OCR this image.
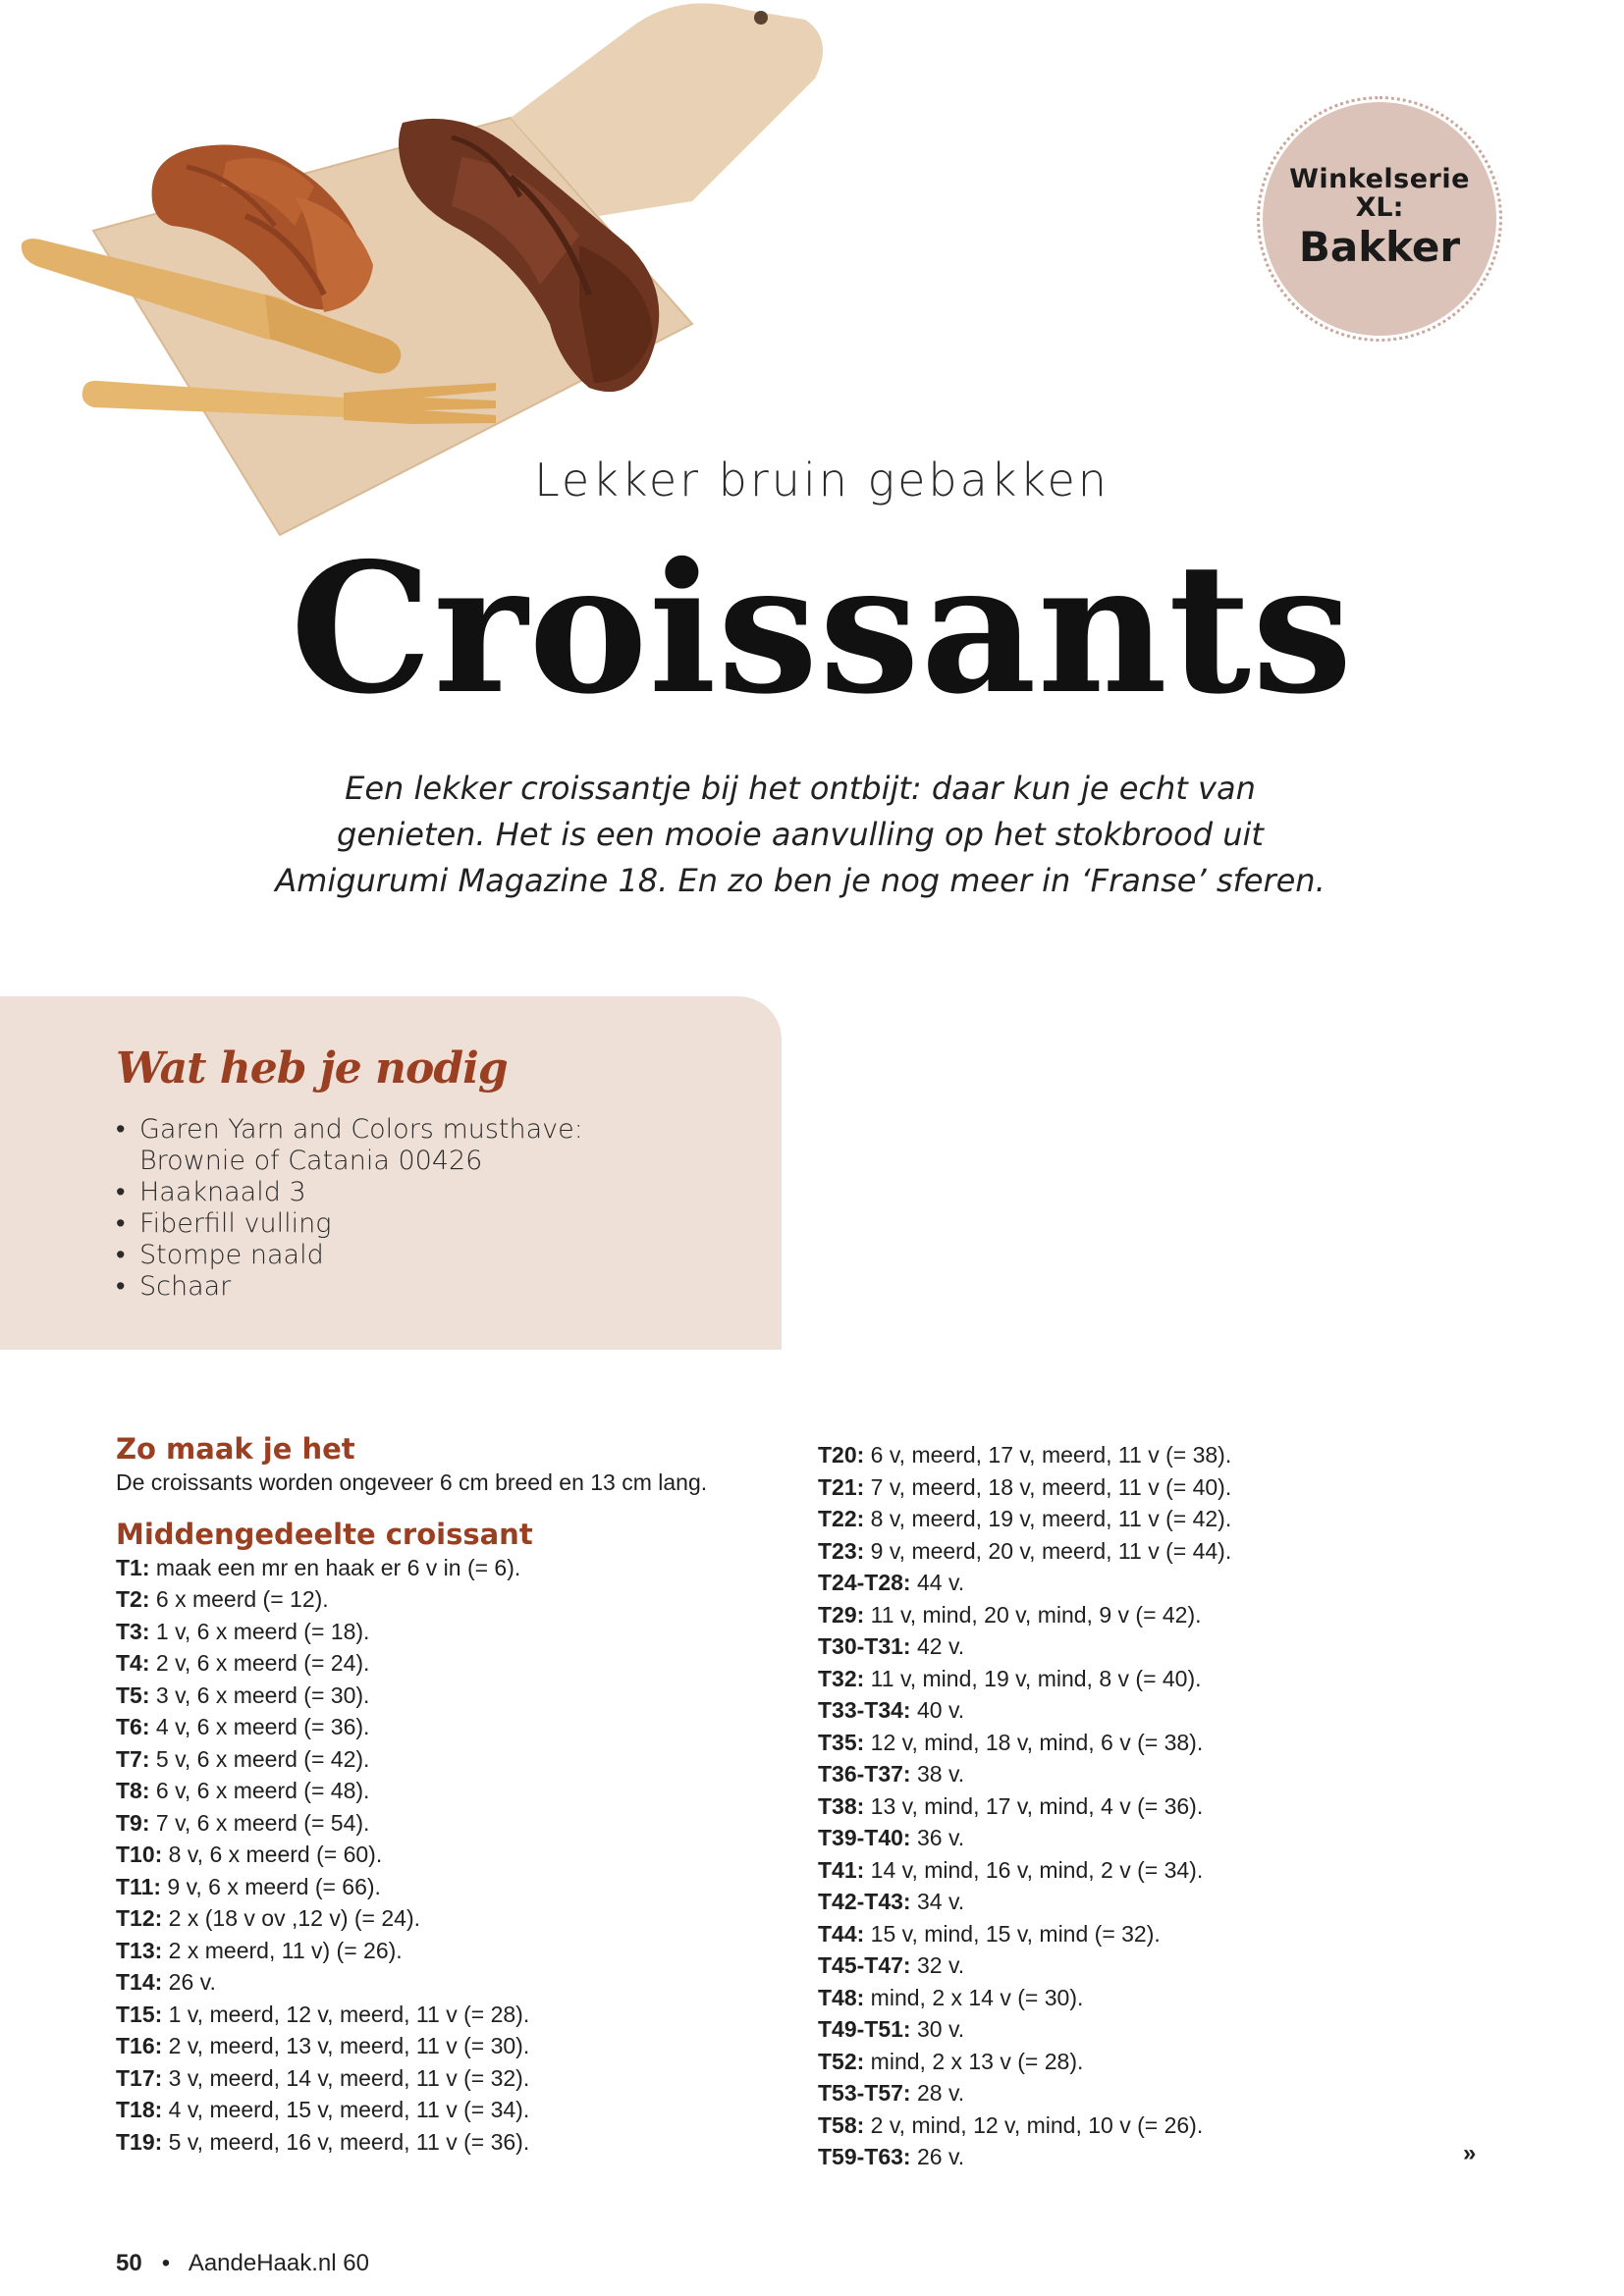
Winkelserie
XL:
Bakker
Lekker bruin gebakken
Croissants

Een lekker croissantje bij het ontbijt: daar kun je echt van

genieten. Het is een mooie aanvulling op het stokbrood uit

Amigurumi Magazine 18. En zo ben je nog meer in ‘Franse’ sferen.

Wat heb je nodig
• Garen Yarn and Colors musthave:
Brownie of Catania 00426
• Haaknaald 3
• Fiberfill vulling
• Stompe naald
• Schaar
Zo maak je het

De croissants worden ongeveer 6 cm breed en 13 cm lang.

Middengedeelte croissant
T1: maak een mr en haak er 6 v in (= 6).
T2: 6 x meerd (= 12).
T3: 1 v, 6 x meerd (= 18).
T4: 2 v, 6 x meerd (= 24).
T5: 3 v, 6 x meerd (= 30).
T6: 4 v, 6 x meerd (= 36).
T7: 5 v, 6 x meerd (= 42).
T8: 6 v, 6 x meerd (= 48).
T9: 7 v, 6 x meerd (= 54).
T10: 8 v, 6 x meerd (= 60).
T11: 9 v, 6 x meerd (= 66).
T12: 2 x (18 v ov ,12 v) (= 24).
T13: 2 x meerd, 11 v) (= 26).
T14: 26 v.
T15: 1 v, meerd, 12 v, meerd, 11 v (= 28).
T16: 2 v, meerd, 13 v, meerd, 11 v (= 30).
T17: 3 v, meerd, 14 v, meerd, 11 v (= 32).
T18: 4 v, meerd, 15 v, meerd, 11 v (= 34).
T19: 5 v, meerd, 16 v, meerd, 11 v (= 36).
T20: 6 v, meerd, 17 v, meerd, 11 v (= 38).
T21: 7 v, meerd, 18 v, meerd, 11 v (= 40).
T22: 8 v, meerd, 19 v, meerd, 11 v (= 42).
T23: 9 v, meerd, 20 v, meerd, 11 v (= 44).
T24-T28: 44 v.
T29: 11 v, mind, 20 v, mind, 9 v (= 42).
T30-T31: 42 v.
T32: 11 v, mind, 19 v, mind, 8 v (= 40).
T33-T34: 40 v.
T35: 12 v, mind, 18 v, mind, 6 v (= 38).
T36-T37: 38 v.
T38: 13 v, mind, 17 v, mind, 4 v (= 36).
T39-T40: 36 v.
T41: 14 v, mind, 16 v, mind, 2 v (= 34).
T42-T43: 34 v.
T44: 15 v, mind, 15 v, mind (= 32).
T45-T47: 32 v.
T48: mind, 2 x 14 v (= 30).
T49-T51: 30 v.
T52: mind, 2 x 13 v (= 28).
T53-T57: 28 v.
T58: 2 v, mind, 12 v, mind, 10 v (= 26).
T59-T63: 26 v.	»
50 • AandeHaak.nl 60
